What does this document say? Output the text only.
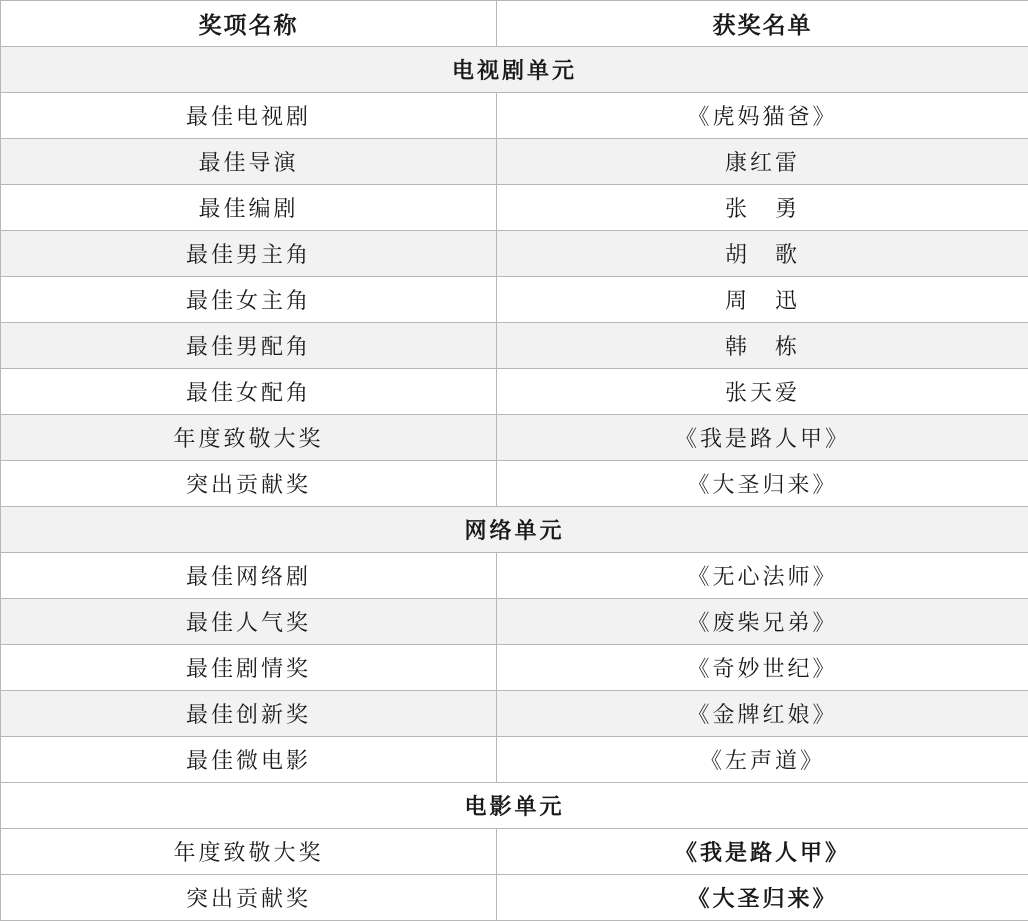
奖项名称	获奖名单
电视剧单元	
最佳电视剧	《虎妈猫爸》
最佳导演	康红雷
最佳编剧	张　勇
最佳男主角	胡　歌
最佳女主角	周　迅
最佳男配角	韩　栋
最佳女配角	张天爱
年度致敬大奖	《我是路人甲》
突出贡献奖	《大圣归来》
网络单元	
最佳网络剧	《无心法师》
最佳人气奖	《废柴兄弟》
最佳剧情奖	《奇妙世纪》
最佳创新奖	《金牌红娘》
最佳微电影	《左声道》
电影单元	
年度致敬大奖	《我是路人甲》
突出贡献奖	《大圣归来》
